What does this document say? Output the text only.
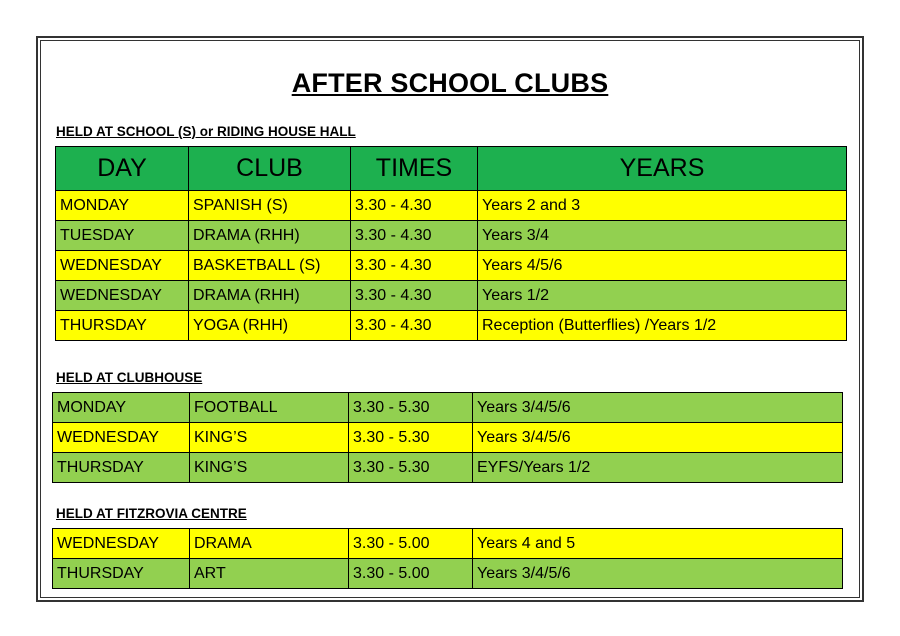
AFTER SCHOOL CLUBS
HELD AT SCHOOL (S) or RIDING HOUSE HALL
DAY	CLUB	TIMES	YEARS
MONDAY	SPANISH (S)	3.30 - 4.30	Years 2 and 3
TUESDAY	DRAMA (RHH)	3.30 - 4.30	Years 3/4
WEDNESDAY	BASKETBALL (S)	3.30 - 4.30	Years 4/5/6
WEDNESDAY	DRAMA (RHH)	3.30 - 4.30	Years 1/2
THURSDAY	YOGA (RHH)	3.30 - 4.30	Reception (Butterflies) /Years 1/2
HELD AT CLUBHOUSE
MONDAY	FOOTBALL	3.30 - 5.30	Years 3/4/5/6
WEDNESDAY	KING’S	3.30 - 5.30	Years 3/4/5/6
THURSDAY	KING’S	3.30 - 5.30	EYFS/Years 1/2
HELD AT FITZROVIA CENTRE
WEDNESDAY	DRAMA	3.30 - 5.00	Years 4 and 5
THURSDAY	ART	3.30 - 5.00	Years 3/4/5/6
